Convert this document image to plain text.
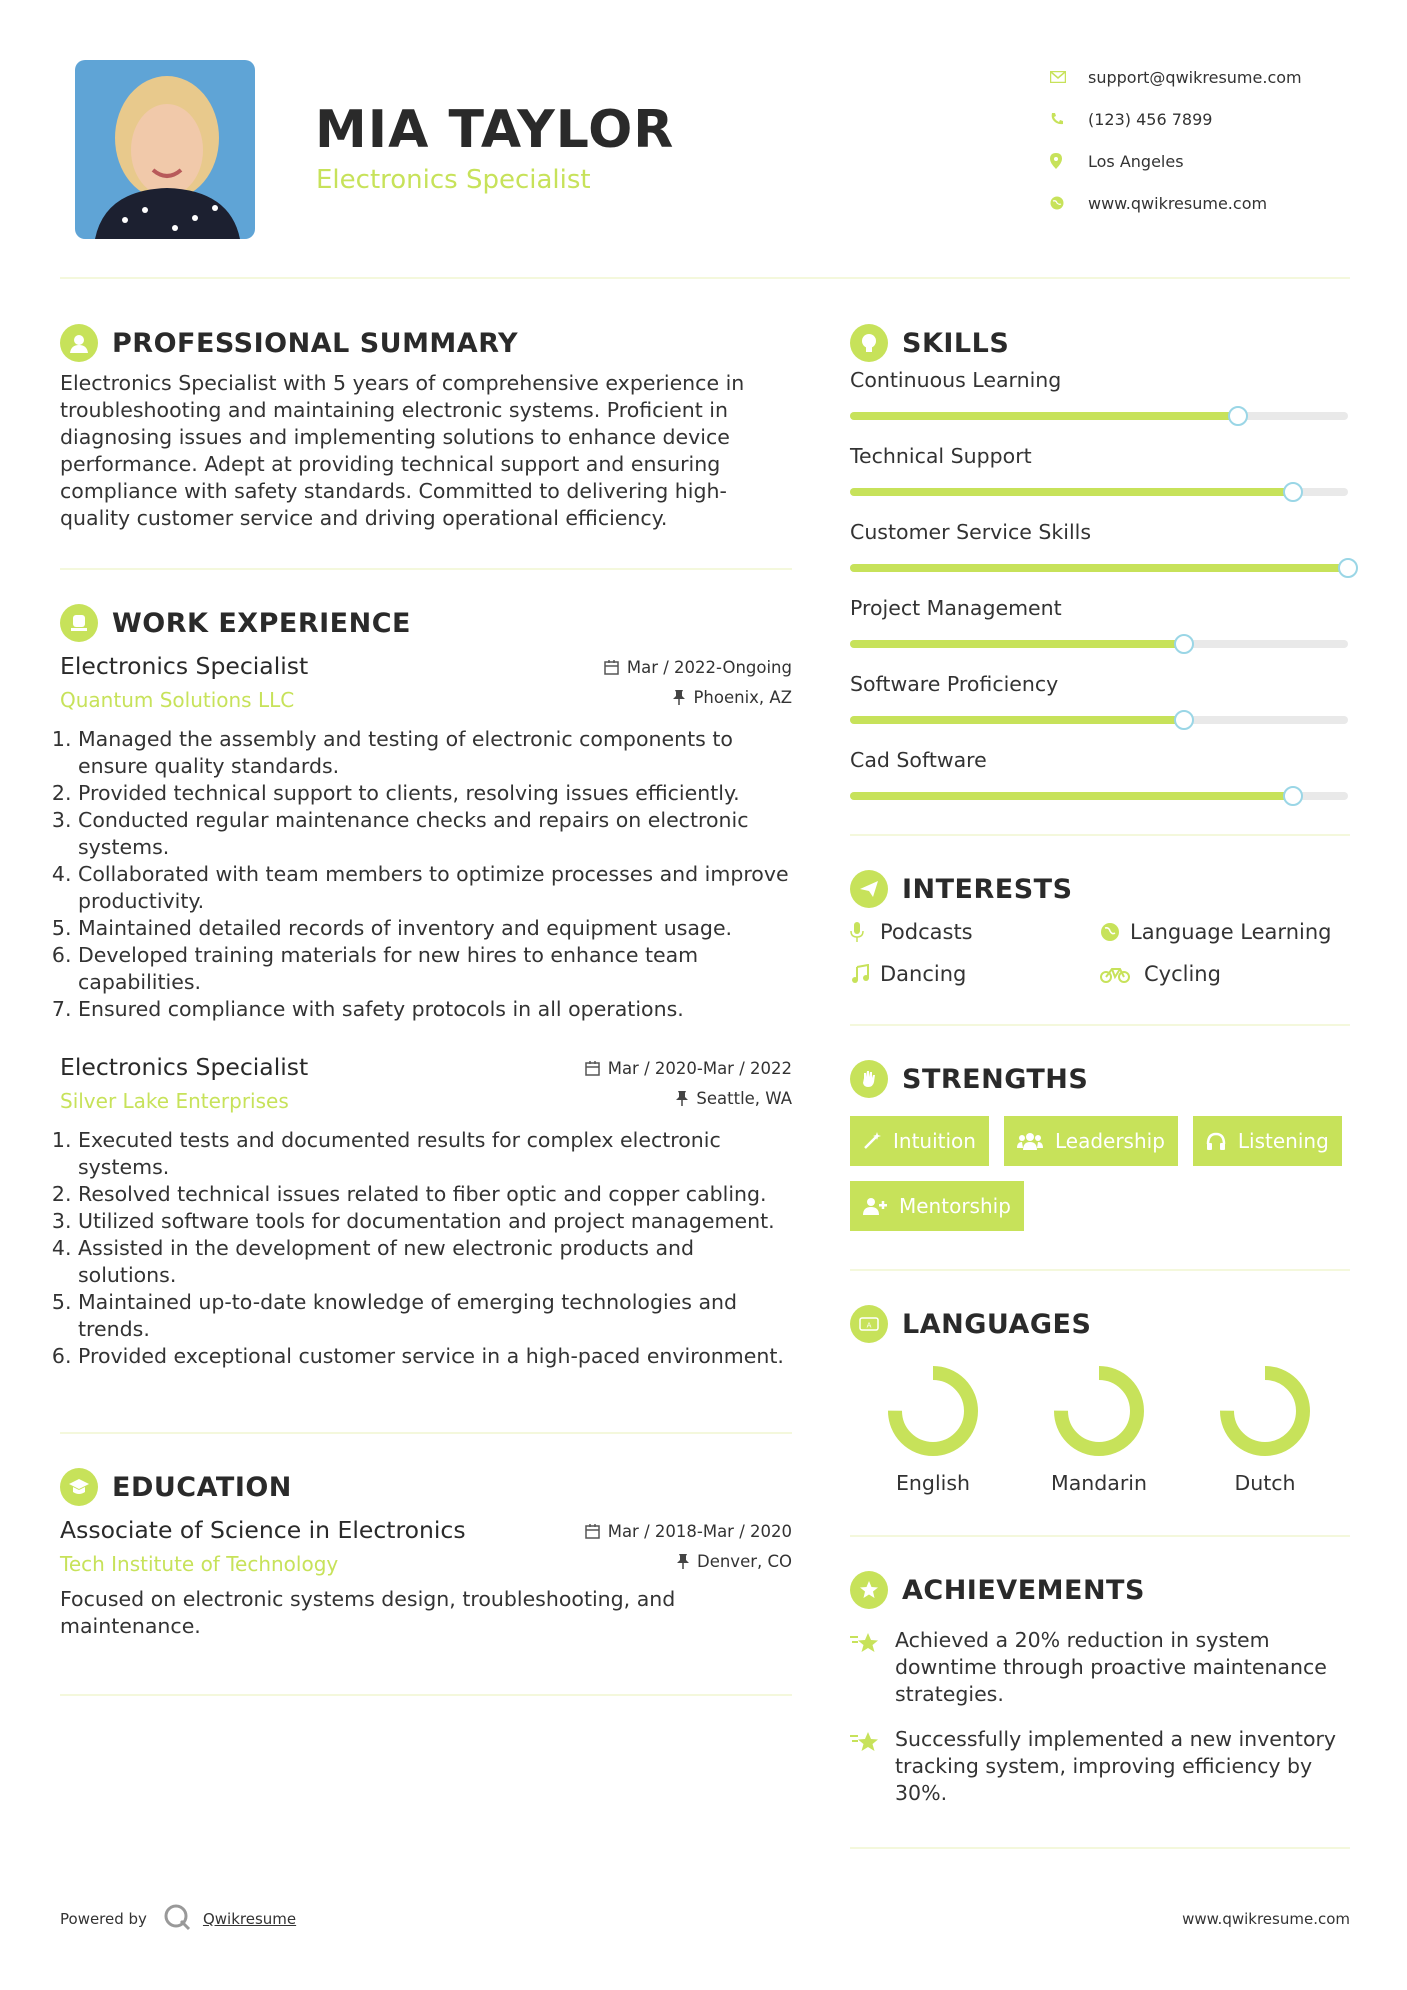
MIA TAYLOR
Electronics Specialist
support@qwikresume.com
(123) 456 7899
Los Angeles
www.qwikresume.com
PROFESSIONAL SUMMARY

Electronics Specialist with 5 years of comprehensive experience in troubleshooting and maintaining electronic systems. Proficient in diagnosing issues and implementing solutions to enhance device performance. Adept at providing technical support and ensuring compliance with safety standards. Committed to delivering high-quality customer service and driving operational efficiency.

WORK EXPERIENCE
Electronics Specialist	Mar / 2022-Ongoing
Quantum Solutions LLC	Phoenix, AZ
1. Managed the assembly and testing of electronic components to ensure quality standards.
2. Provided technical support to clients, resolving issues efficiently.
3. Conducted regular maintenance checks and repairs on electronic systems.
4. Collaborated with team members to optimize processes and improve productivity.
5. Maintained detailed records of inventory and equipment usage.
6. Developed training materials for new hires to enhance team capabilities.
7. Ensured compliance with safety protocols in all operations.
Electronics Specialist	Mar / 2020-Mar / 2022
Silver Lake Enterprises	Seattle, WA
1. Executed tests and documented results for complex electronic systems.
2. Resolved technical issues related to fiber optic and copper cabling.
3. Utilized software tools for documentation and project management.
4. Assisted in the development of new electronic products and solutions.
5. Maintained up-to-date knowledge of emerging technologies and trends.
6. Provided exceptional customer service in a high-paced environment.
EDUCATION
Associate of Science in Electronics	Mar / 2018-Mar / 2020
Tech Institute of Technology	Denver, CO

Focused on electronic systems design, troubleshooting, and maintenance.

SKILLS
Continuous Learning
Technical Support
Customer Service Skills
Project Management
Software Proficiency
Cad Software
INTERESTS
Podcasts	Language Learning
Dancing	Cycling
STRENGTHS
Intuition	Leadership	Listening
Mentorship
A LANGUAGES
English	Mandarin	Dutch
ACHIEVEMENTS
Achieved a 20% reduction in system downtime through proactive maintenance strategies.
Successfully implemented a new inventory tracking system, improving efficiency by 30%.
Powered by	Qwikresume	www.qwikresume.com
